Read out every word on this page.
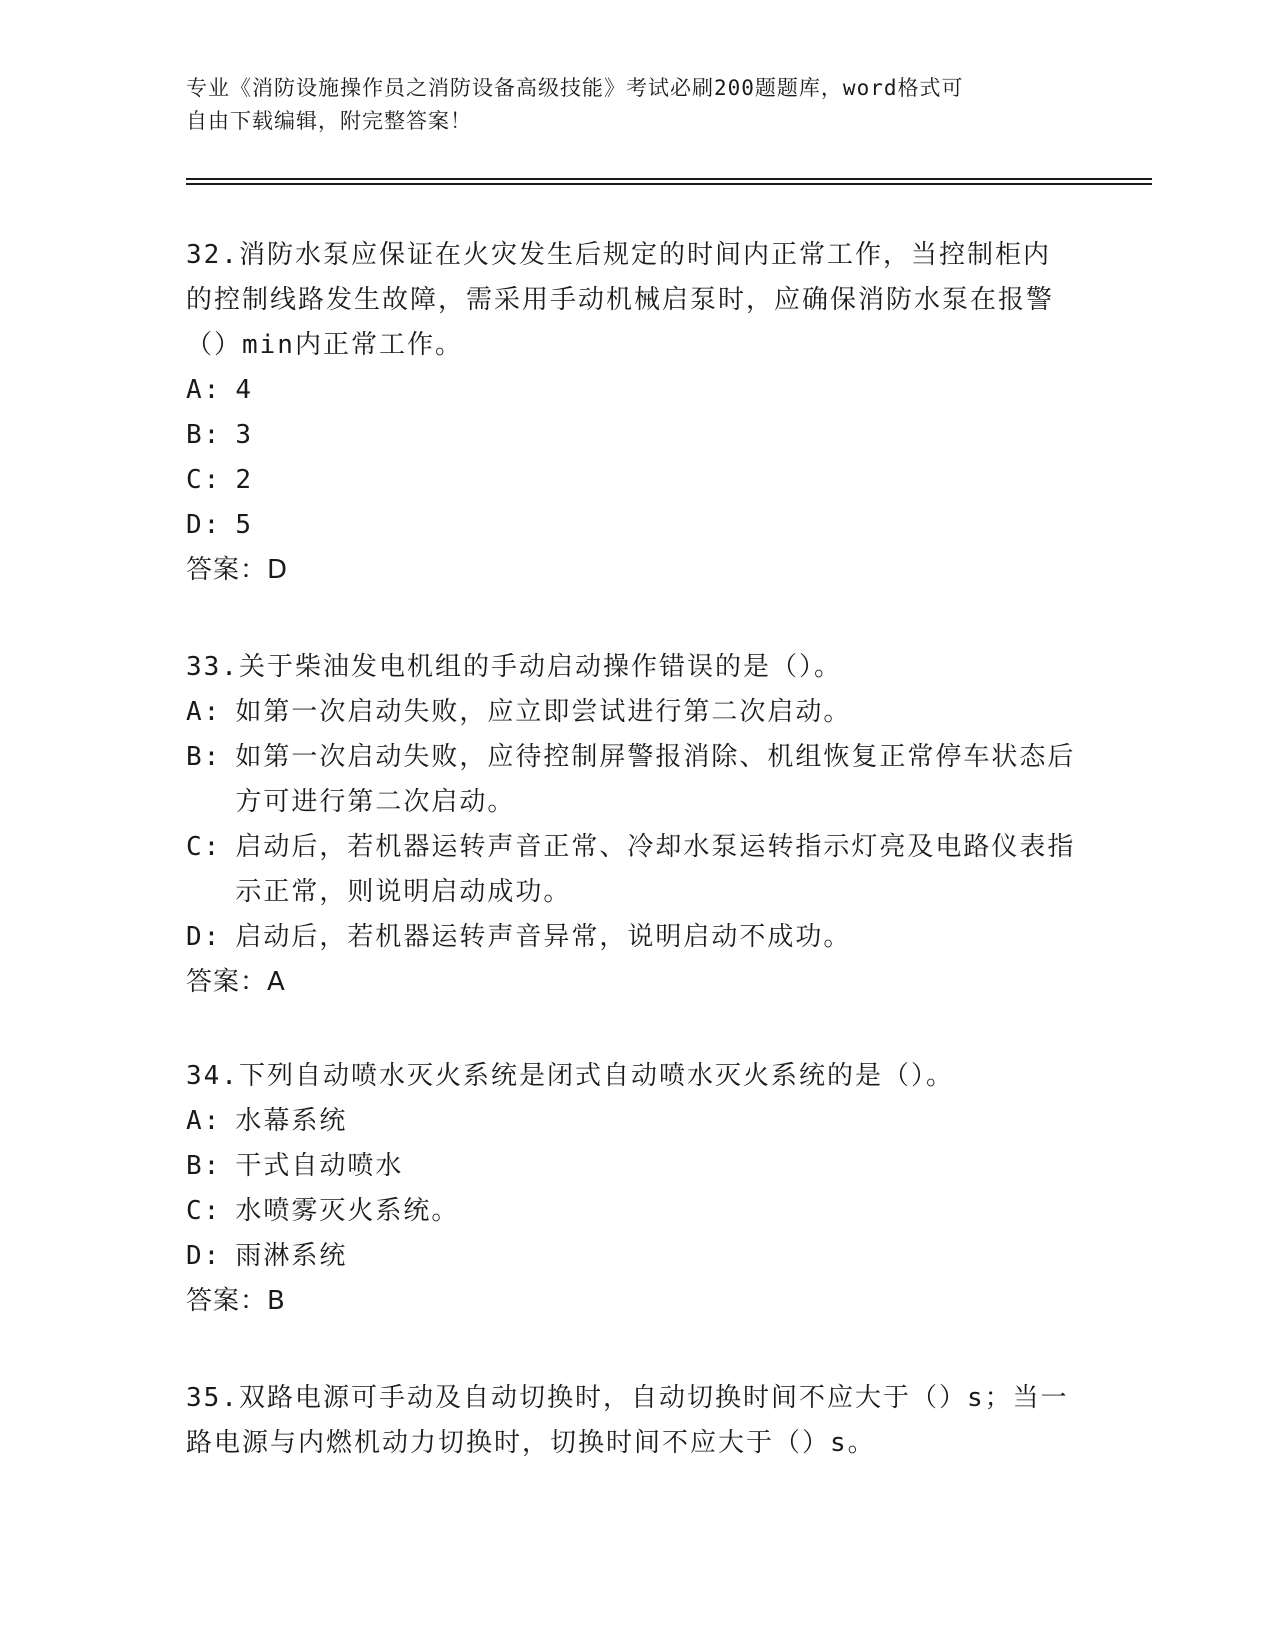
专业《消防设施操作员之消防设备高级技能》考试必刷200题题库，word格式可
自由下载编辑，附完整答案！

32.消防水泵应保证在火灾发生后规定的时间内正常工作，当控制柜内的控制线路发生故障，需采用手动机械启泵时，应确保消防水泵在报警（）min内正常工作。

A : 4
B : 3
C : 2
D : 5

答案：D

33.关于柴油发电机组的手动启动操作错误的是（）。

A : 如第一次启动失败，应立即尝试进行第二次启动。
B : 如第一次启动失败，应待控制屏警报消除、机组恢复正常停车状态后方可进行第二次启动。
C : 启动后，若机器运转声音正常、冷却水泵运转指示灯亮及电路仪表指示正常，则说明启动成功。
D : 启动后，若机器运转声音异常，说明启动不成功。

答案：A

34.下列自动喷水灭火系统是闭式自动喷水灭火系统的是（）。

A : 水幕系统
B : 干式自动喷水
C : 水喷雾灭火系统。
D : 雨淋系统

答案：B

35.双路电源可手动及自动切换时，自动切换时间不应大于（）s；当一路电源与内燃机动力切换时，切换时间不应大于（）s。
